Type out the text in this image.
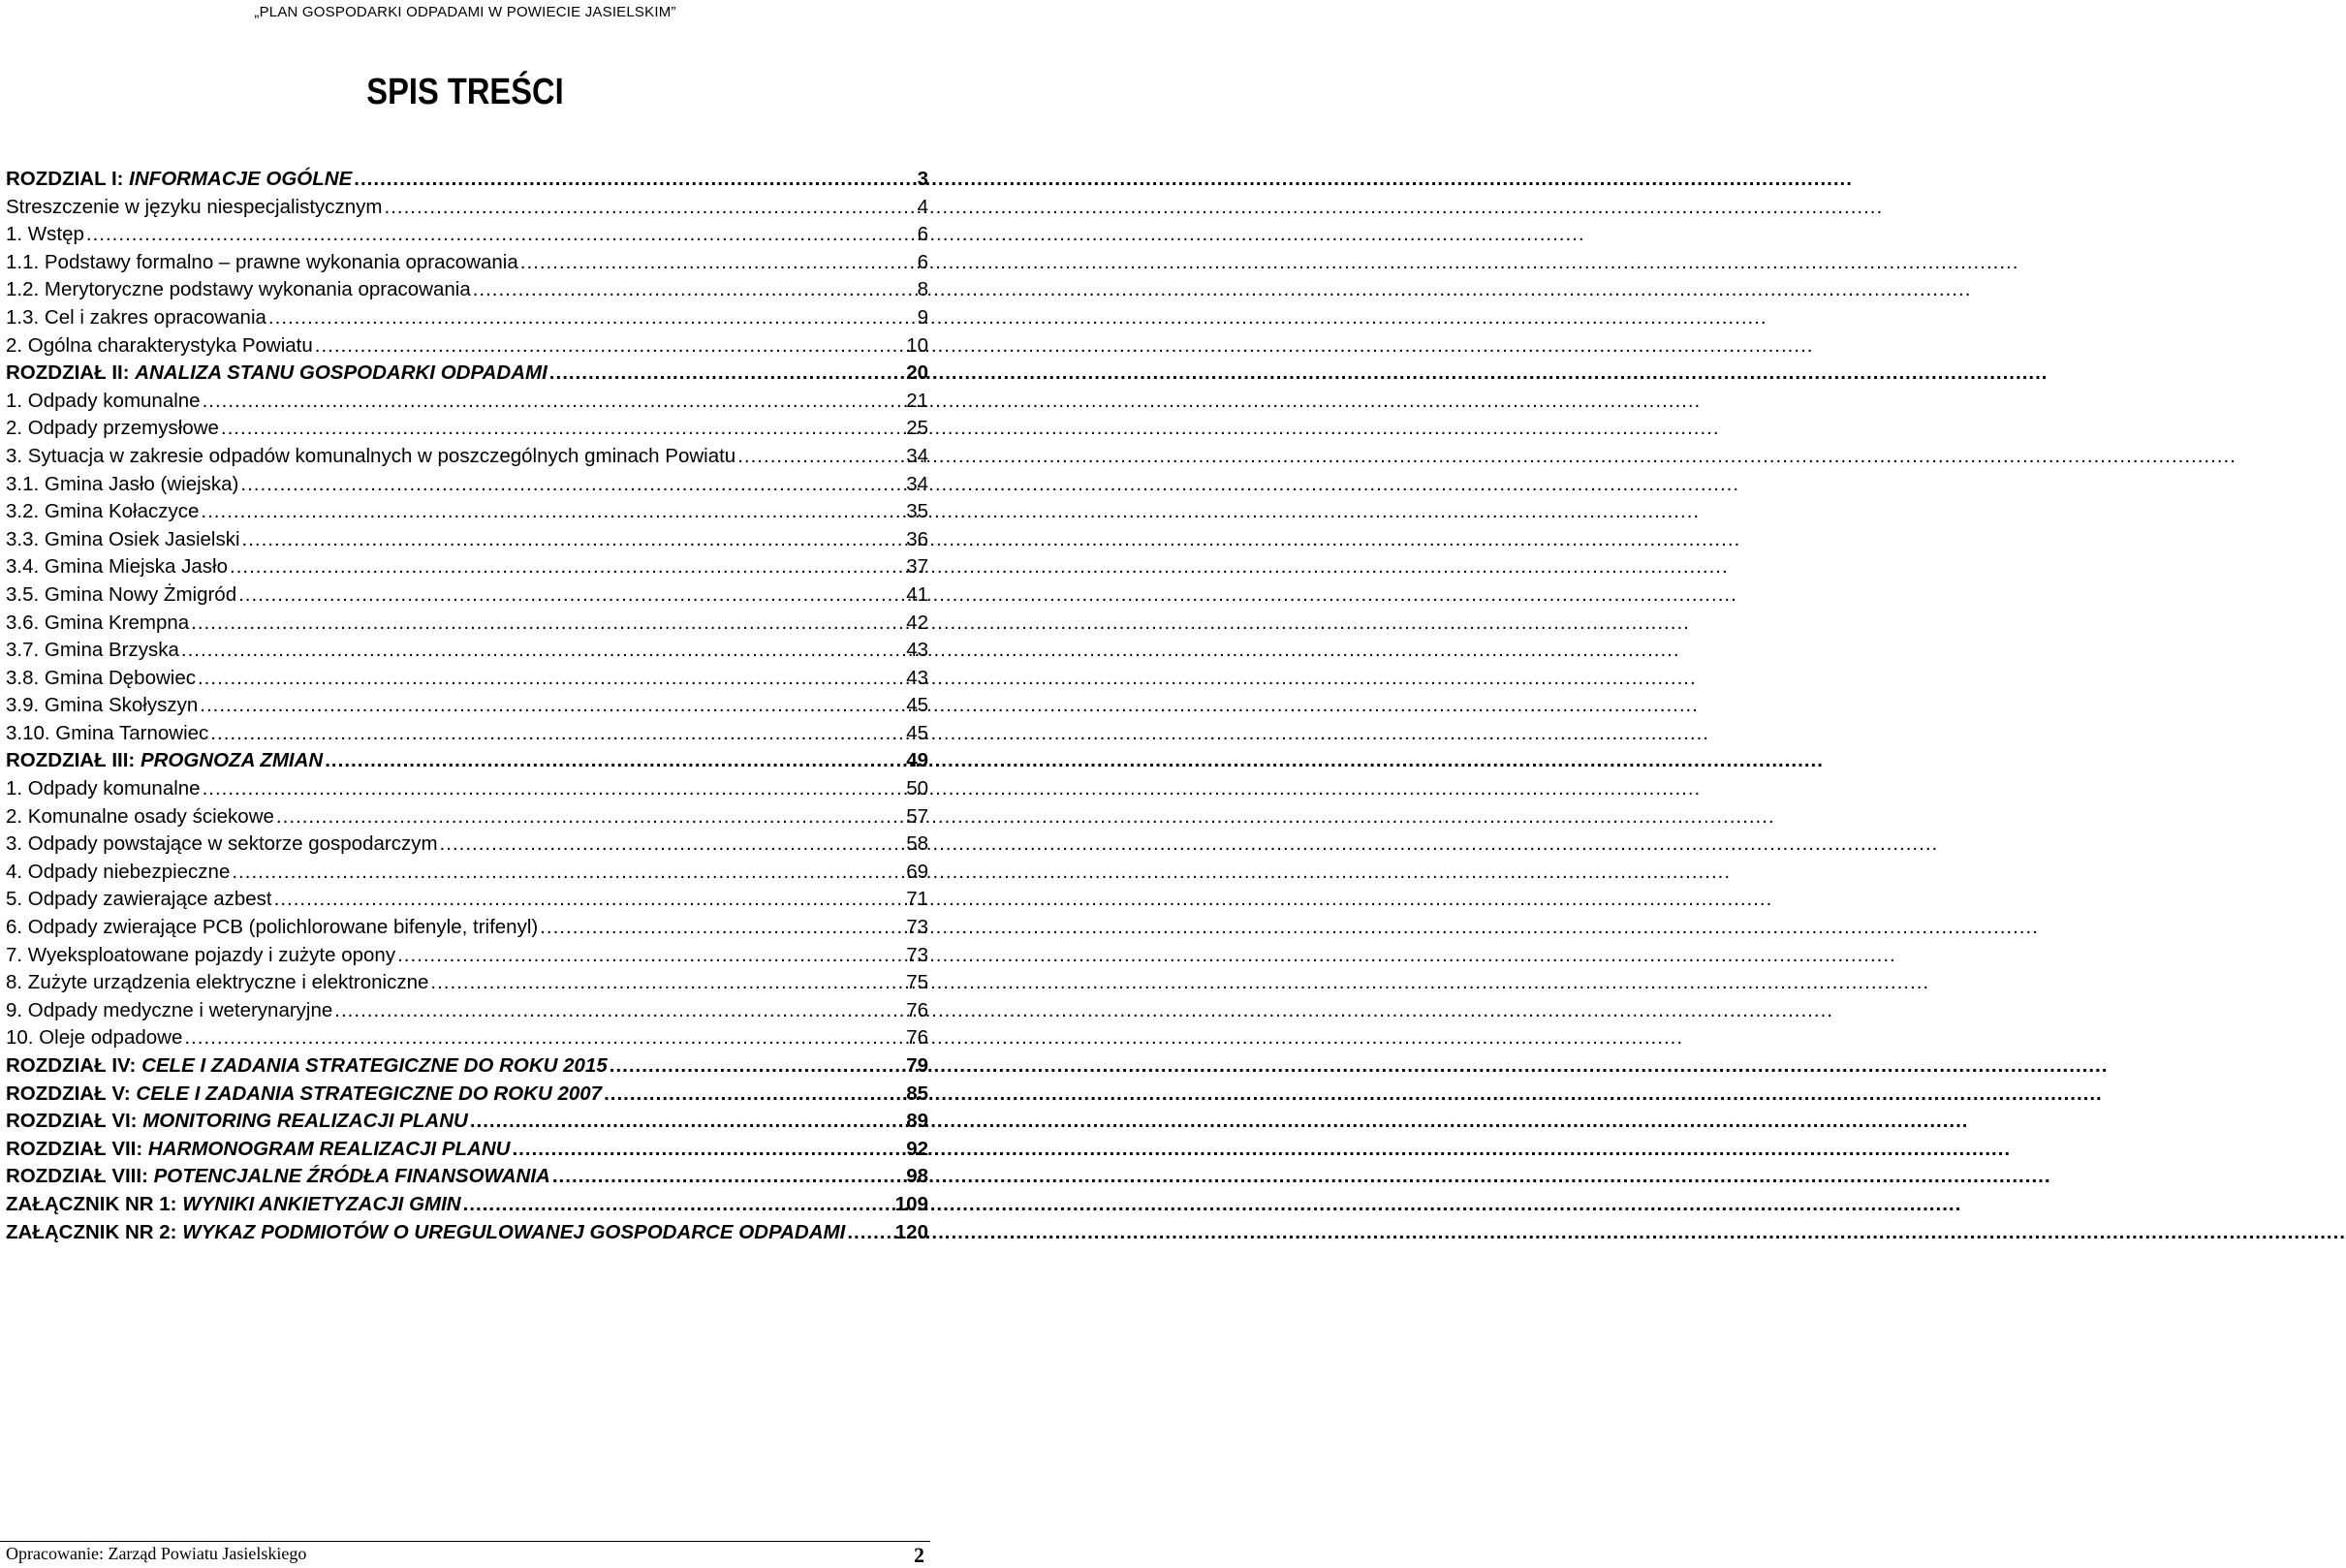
„PLAN GOSPODARKI ODPADAMI W POWIECIE JASIELSKIM”
SPIS TREŚCI
ROZDZIAL I: INFORMACJE OGÓLNE .....	3
Streszczenie w języku niespecjalistycznym .....	4
1. Wstęp .....	6
1.1. Podstawy formalno – prawne wykonania opracowania .....	6
1.2. Merytoryczne podstawy wykonania opracowania .....	8
1.3. Cel i zakres opracowania .....	9
2. Ogólna charakterystyka Powiatu .....	10
ROZDZIAŁ II: ANALIZA STANU GOSPODARKI ODPADAMI .....	20
1. Odpady komunalne .....	21
2. Odpady przemysłowe .....	25
3. Sytuacja w zakresie odpadów komunalnych w poszczególnych gminach Powiatu .....	34
3.1. Gmina Jasło (wiejska) .....	34
3.2. Gmina Kołaczyce .....	35
3.3. Gmina Osiek Jasielski .....	36
3.4. Gmina Miejska Jasło .....	37
3.5. Gmina Nowy Żmigród .....	41
3.6. Gmina Krempna .....	42
3.7. Gmina Brzyska .....	43
3.8. Gmina Dębowiec .....	43
3.9. Gmina Skołyszyn .....	45
3.10. Gmina Tarnowiec .....	45
ROZDZIAŁ III: PROGNOZA ZMIAN .....	49
1. Odpady komunalne .....	50
2. Komunalne osady ściekowe .....	57
3. Odpady powstające w sektorze gospodarczym .....	58
4. Odpady niebezpieczne .....	69
5. Odpady zawierające azbest .....	71
6. Odpady zwierające PCB (polichlorowane bifenyle, trifenyl) .....	73
7. Wyeksploatowane pojazdy i zużyte opony .....	73
8. Zużyte urządzenia elektryczne i elektroniczne .....	75
9. Odpady medyczne i weterynaryjne .....	76
10. Oleje odpadowe .....	76
ROZDZIAŁ IV: CELE I ZADANIA STRATEGICZNE DO ROKU 2015 .....	79
ROZDZIAŁ V: CELE I ZADANIA STRATEGICZNE DO ROKU 2007 .....	85
ROZDZIAŁ VI: MONITORING REALIZACJI PLANU .....	89
ROZDZIAŁ VII: HARMONOGRAM REALIZACJI PLANU .....	92
ROZDZIAŁ VIII: POTENCJALNE ŹRÓDŁA FINANSOWANIA .....	98
ZAŁĄCZNIK NR 1: WYNIKI ANKIETYZACJI GMIN .....	109
ZAŁĄCZNIK NR 2: WYKAZ PODMIOTÓW O UREGULOWANEJ GOSPODARCE ODPADAMI .....	120
Opracowanie: Zarząd Powiatu Jasielskiego	2
